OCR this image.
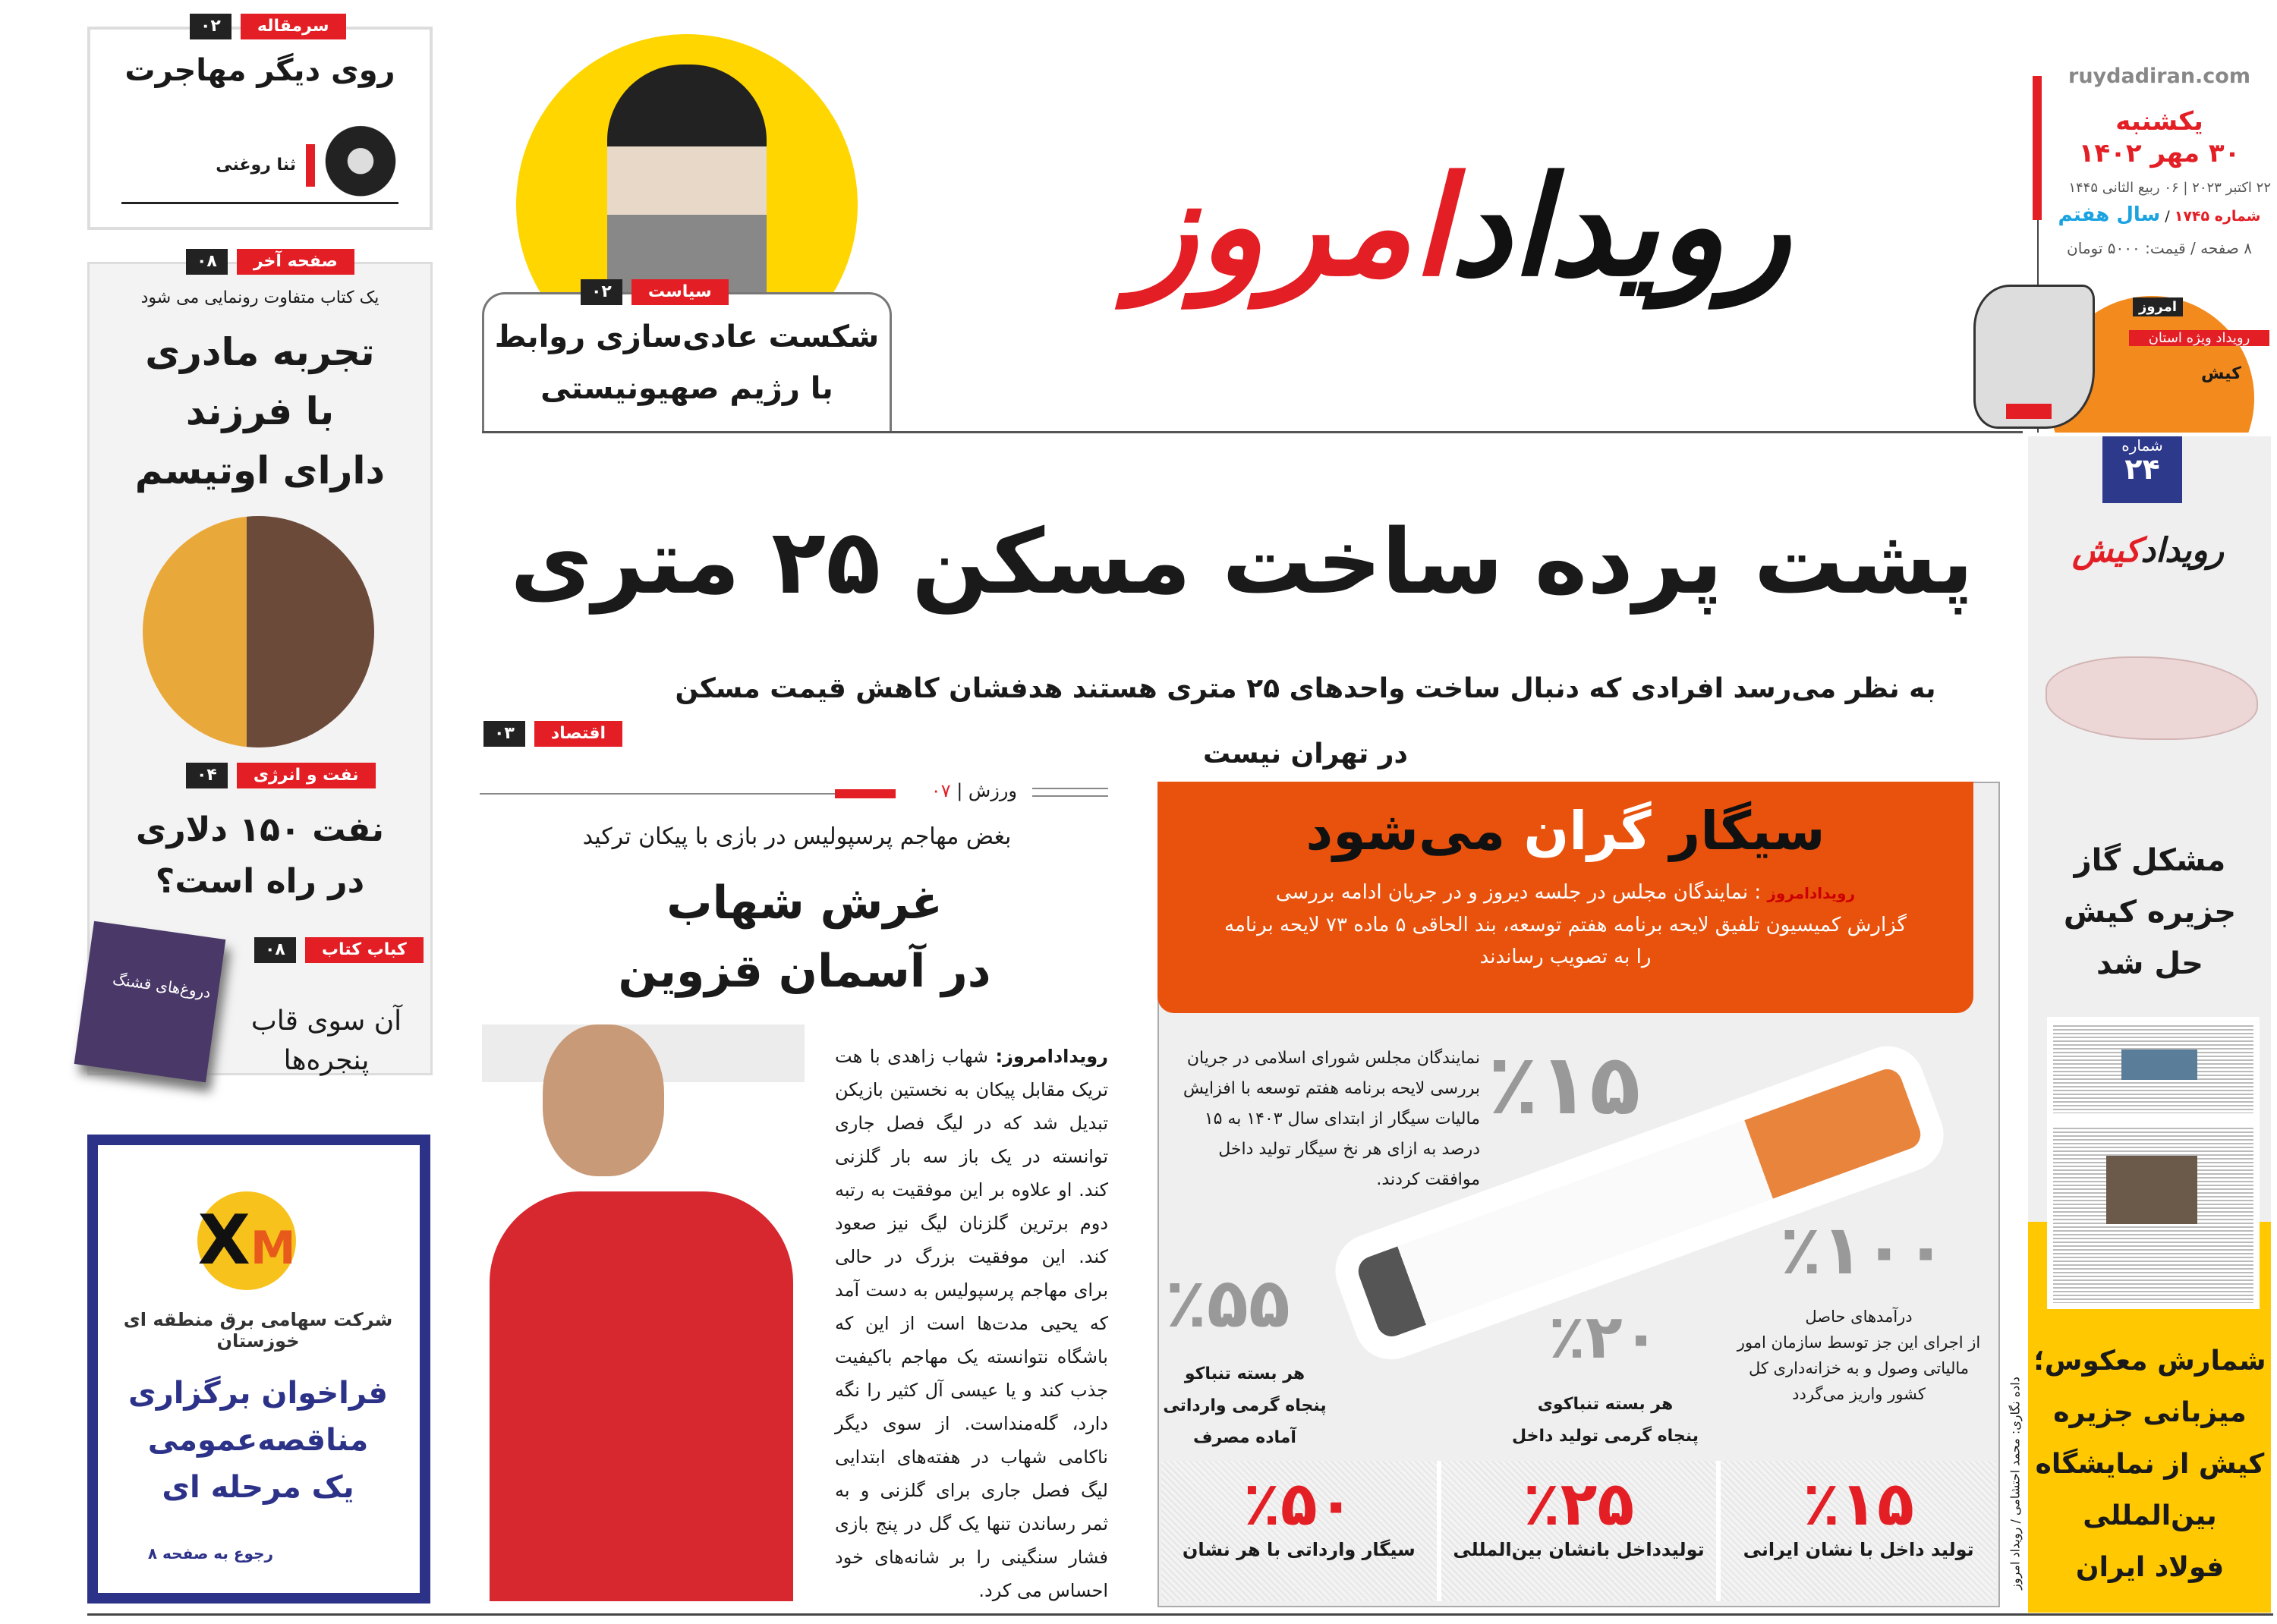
سرمقاله
۰۲
روی دیگر مهاجرت
ثنا روغنی
صفحه آخر
۰۸
یک کتاب متفاوت رونمایی می شود
تجربه مادری
با فرزند
دارای اوتیسم
نفت و انرژی
۰۴
نفت ۱۵۰ دلاری
در راه است؟
کباب کتاب
۰۸
دروغ‌های قشنگ
آن سوی قاب
پنجره‌ها
XM
شرکت سهامی برق منطقه ای
خوزستان
فراخوان برگزاری
مناقصه‌عمومی
یک مرحله ای
رجوع به صفحه ۸
سیاست
۰۲
شکست عادی‌سازی روابط
با رژیم صهیونیستی
رویدادامروز
ruydadiran.com
یکشنبه
۳۰ مهر ۱۴۰۲
۲۲ اکتبر ۲۰۲۳ | ۰۶ ربیع الثانی ۱۴۴۵
شماره ۱۷۴۵ / سال هفتم
۸ صفحه / قیمت: ۵۰۰۰ تومان
امروز
رویداد ویژه استان
کیش
پشت پرده ساخت مسکن ۲۵ متری
به نظر می‌رسد افرادی که دنبال ساخت واحدهای ۲۵ متری هستند هدفشان کاهش قیمت مسکن
در تهران نیست
اقتصاد
۰۳
ورزش | ۰۷
بغض مهاجم پرسپولیس در بازی با پیکان ترکید
غرش شهاب
در آسمان قزوین
رویدادامروز: شهاب زاهدی با هت تریک مقابل پیکان به نخستین بازیکن تبدیل شد که در لیگ فصل جاری توانسته در یک باز سه بار گلزنی کند. او علاوه بر این موفقیت به رتبه دوم برترین گلزنان لیگ نیز صعود کند. این موفقیت بزرگ در حالی برای مهاجم پرسپولیس به دست آمد که یحیی مدت‌ها است از این که باشگاه نتوانسته یک مهاجم باکیفیت جذب کند و یا عیسی آل کثیر را نگه دارد، گله‌منداست. از سوی دیگر ناکامی شهاب در هفته‌های ابتدایی لیگ فصل جاری برای گلزنی و به ثمر رساندن تنها یک گل در پنج بازی فشار سنگینی را بر شانه‌های خود احساس می کرد.
سیگار گران می‌شود
رویدادامروز : نمایندگان مجلس در جلسه دیروز و در جریان ادامه بررسی
گزارش کمیسیون تلفیق لایحه برنامه هفتم توسعه، بند الحاقی ۵ ماده ۷۳ لایحه برنامه
را به تصویب رساندند
٪۱۵
نمایندگان مجلس شورای اسلامی در جریان بررسی لایحه برنامه هفتم توسعه با افزایش مالیات سیگار از ابتدای سال ۱۴۰۳ به ۱۵ درصد به ازای هر نخ سیگار تولید داخل موافقت کردند.
٪۵۵
هر بسته تنباکو
پنجاه گرمی وارداتی
آماده مصرف
٪۲۰
هر بسته تنباکوی
پنجاه گرمی تولید داخل
٪۱۰۰
درآمدهای حاصل
از اجرای این جز توسط سازمان امور
مالیاتی وصول و به خزانه‌داری کل
کشور واریز می‌گردد
٪۱۵
تولید داخل با نشان ایرانی
٪۲۵
تولیدداخل بانشان بین‌المللی
٪۵۰
سیگار وارداتی با هر نشان	داده نگاری: محمد احتشامی / رویداد امروز
شماره
۲۴
رویدادکیش
مشکل گاز
جزیره کیش
حل شد
شمارش معکوس؛
میزبانی جزیره
کیش از نمایشگاه
بین‌المللی
فولاد ایران
